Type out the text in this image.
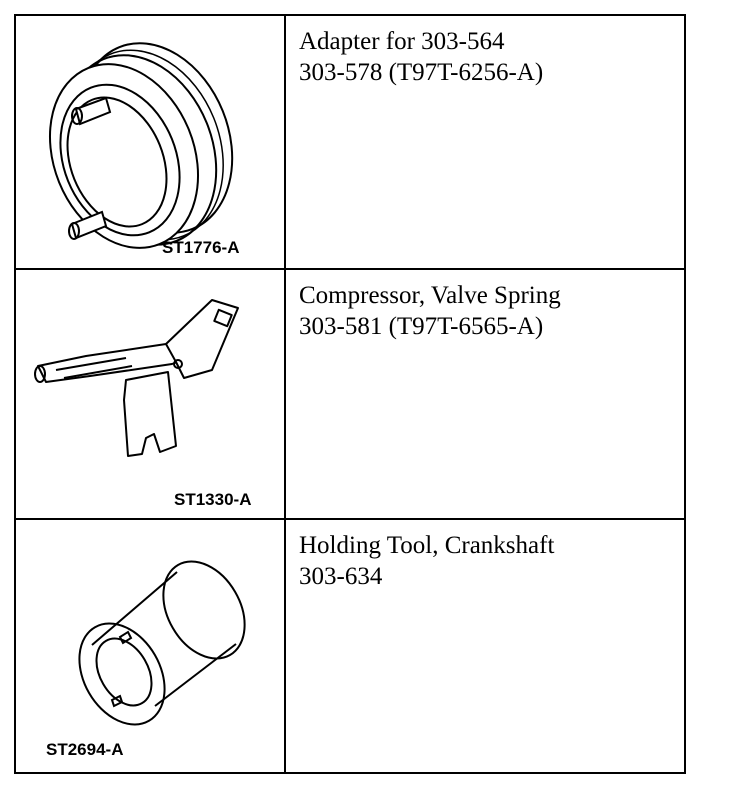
ST1776-A	Adapter for 303-564
303-578 (T97T-6256-A)

ST1330-A	Compressor, Valve Spring
303-581 (T97T-6565-A)

ST2694-A	Holding Tool, Crankshaft
303-634
